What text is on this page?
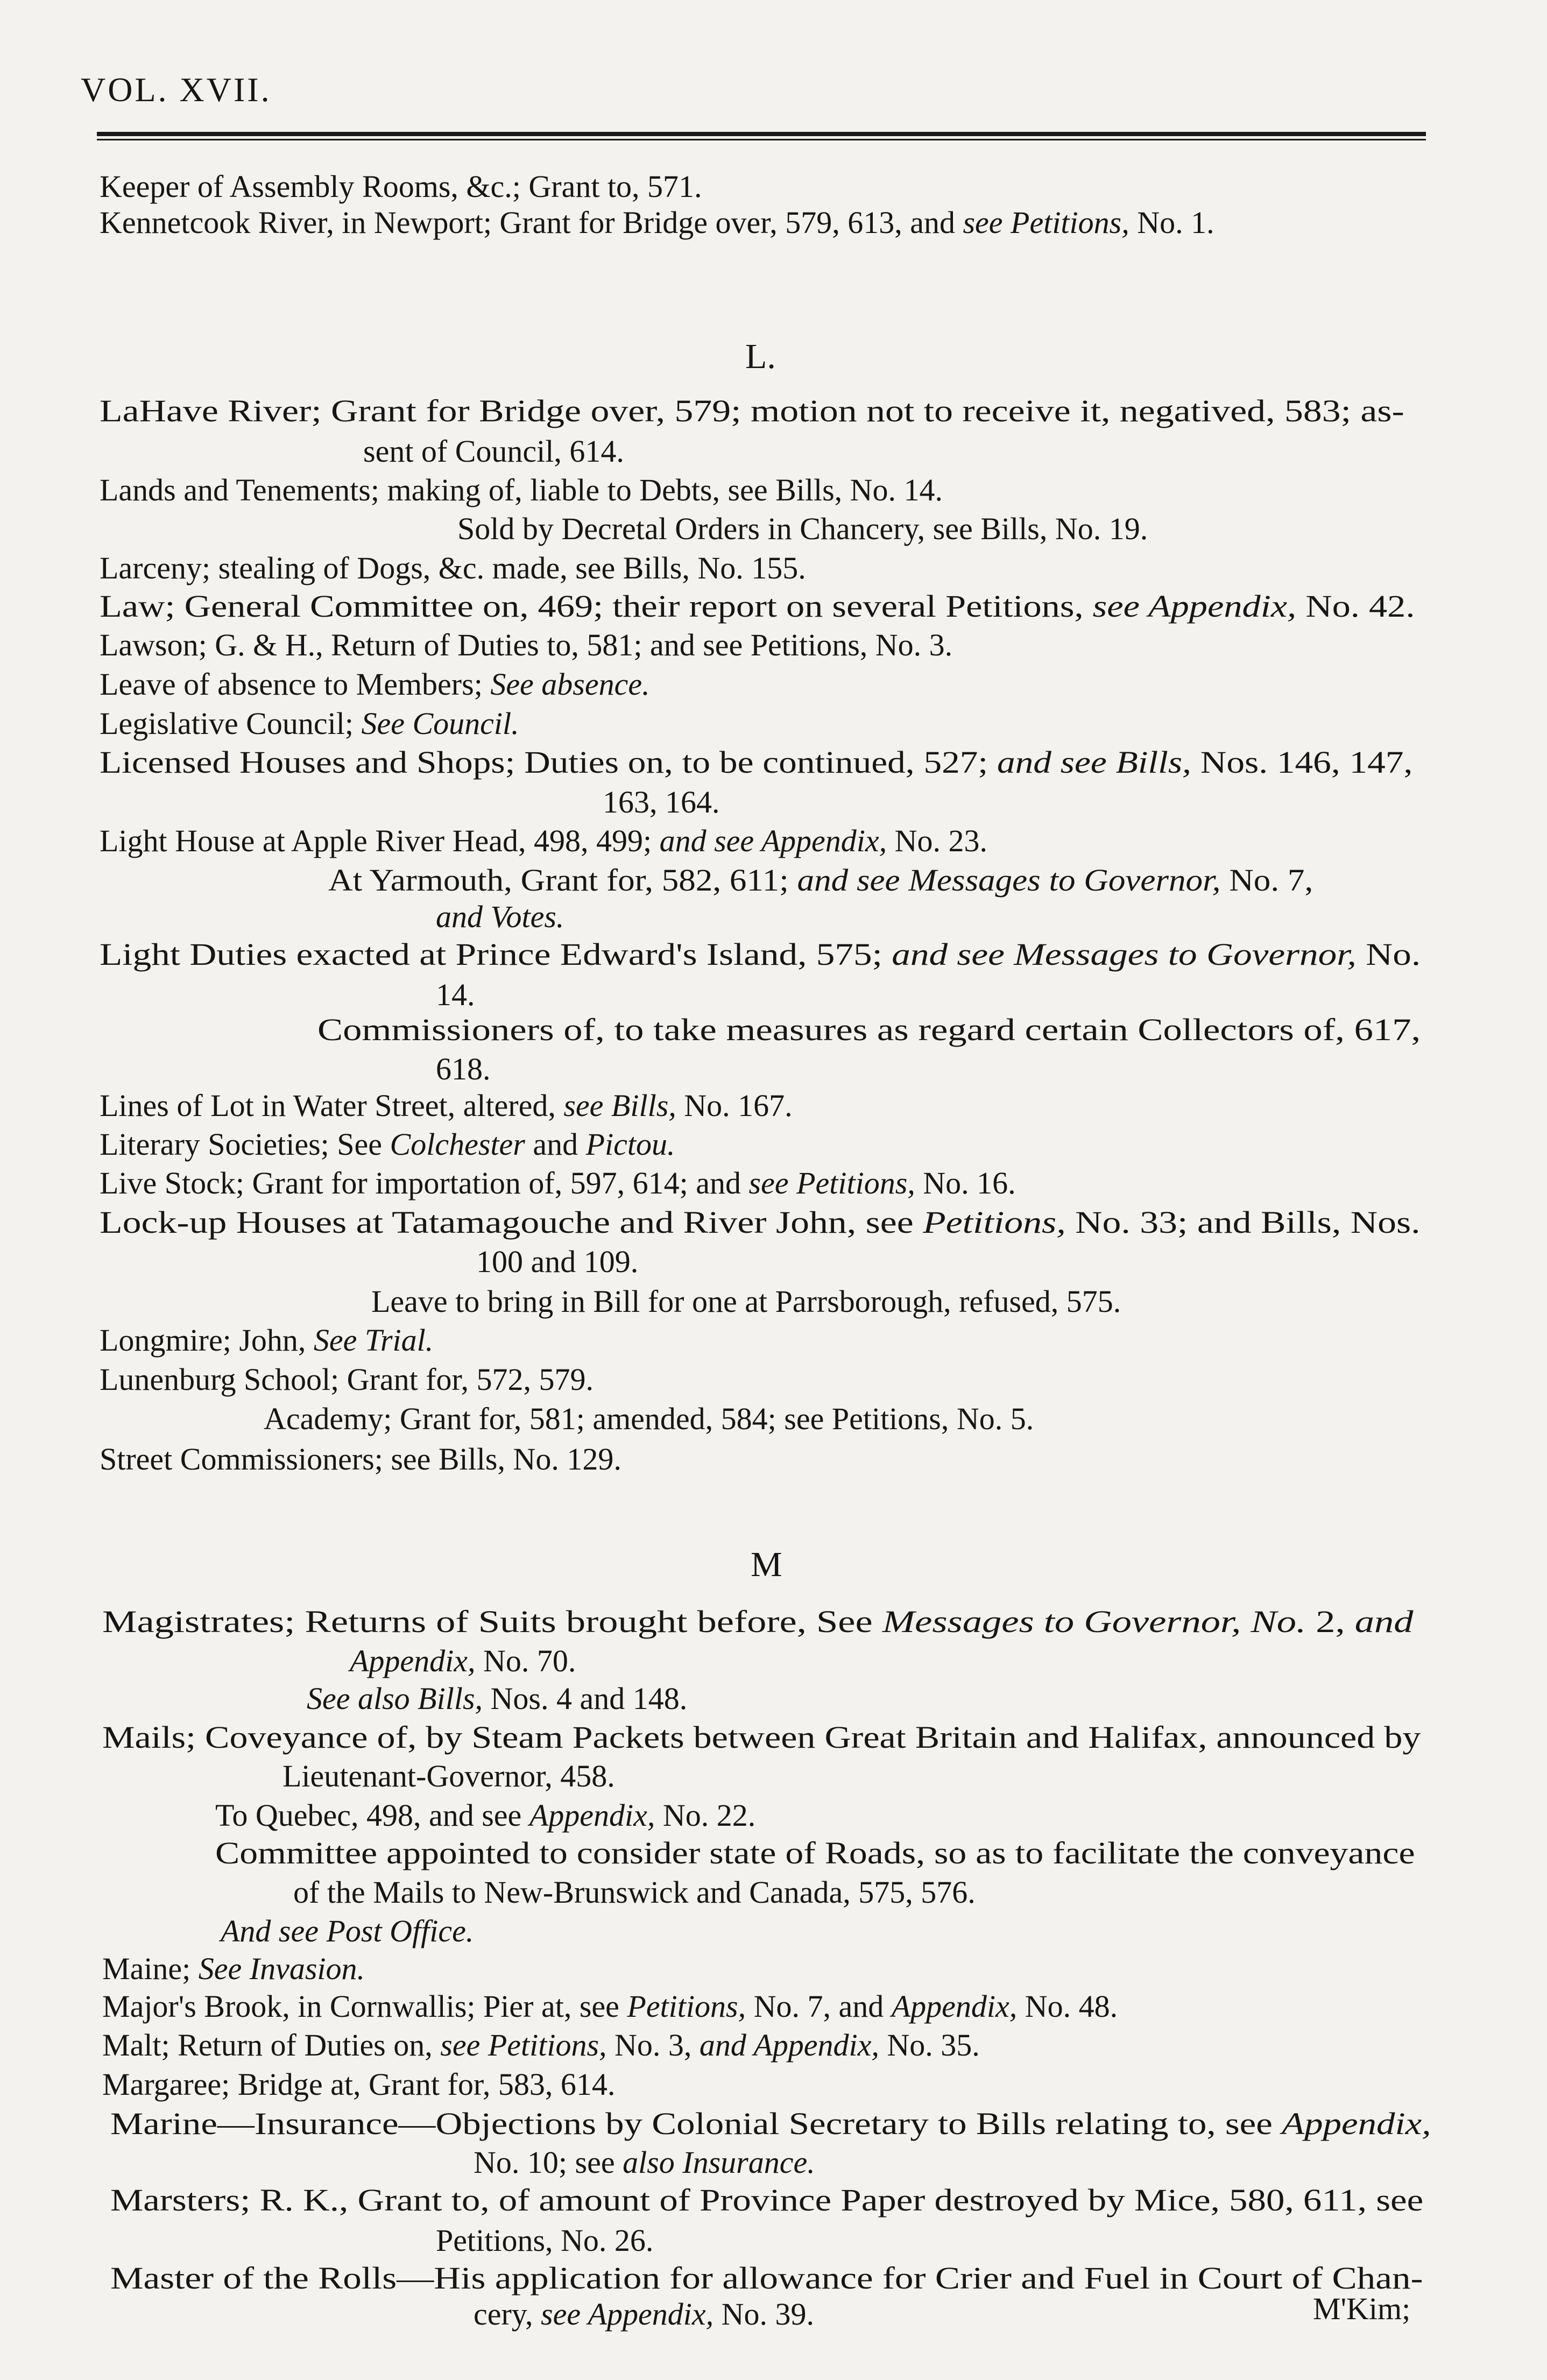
VOL. XVII.
Keeper of Assembly Rooms, &c.; Grant to, 571.
Kennetcook River, in Newport; Grant for Bridge over, 579, 613, and see Petitions, No. 1.
L.
LaHave River; Grant for Bridge over, 579; motion not to receive it, negatived, 583; as-
sent of Council, 614.
Lands and Tenements; making of, liable to Debts, see Bills, No. 14.
Sold by Decretal Orders in Chancery, see Bills, No. 19.
Larceny; stealing of Dogs, &c. made, see Bills, No. 155.
Law; General Committee on, 469; their report on several Petitions, see Appendix, No. 42.
Lawson; G. & H., Return of Duties to, 581; and see Petitions, No. 3.
Leave of absence to Members; See absence.
Legislative Council; See Council.
Licensed Houses and Shops; Duties on, to be continued, 527; and see Bills, Nos. 146, 147,
163, 164.
Light House at Apple River Head, 498, 499; and see Appendix, No. 23.
At Yarmouth, Grant for, 582, 611; and see Messages to Governor, No. 7,
and Votes.
Light Duties exacted at Prince Edward's Island, 575; and see Messages to Governor, No.
14.
Commissioners of, to take measures as regard certain Collectors of, 617,
618.
Lines of Lot in Water Street, altered, see Bills, No. 167.
Literary Societies; See Colchester and Pictou.
Live Stock; Grant for importation of, 597, 614; and see Petitions, No. 16.
Lock-up Houses at Tatamagouche and River John, see Petitions, No. 33; and Bills, Nos.
100 and 109.
Leave to bring in Bill for one at Parrsborough, refused, 575.
Longmire; John, See Trial.
Lunenburg School; Grant for, 572, 579.
Academy; Grant for, 581; amended, 584; see Petitions, No. 5.
Street Commissioners; see Bills, No. 129.
M
Magistrates; Returns of Suits brought before, See Messages to Governor, No. 2, and
Appendix, No. 70.
See also Bills, Nos. 4 and 148.
Mails; Coveyance of, by Steam Packets between Great Britain and Halifax, announced by
Lieutenant-Governor, 458.
To Quebec, 498, and see Appendix, No. 22.
Committee appointed to consider state of Roads, so as to facilitate the conveyance
of the Mails to New-Brunswick and Canada, 575, 576.
And see Post Office.
Maine; See Invasion.
Major's Brook, in Cornwallis; Pier at, see Petitions, No. 7, and Appendix, No. 48.
Malt; Return of Duties on, see Petitions, No. 3, and Appendix, No. 35.
Margaree; Bridge at, Grant for, 583, 614.
Marine—Insurance—Objections by Colonial Secretary to Bills relating to, see Appendix,
No. 10; see also Insurance.
Marsters; R. K., Grant to, of amount of Province Paper destroyed by Mice, 580, 611, see
Petitions, No. 26.
Master of the Rolls—His application for allowance for Crier and Fuel in Court of Chan-
cery, see Appendix, No. 39.	M'Kim;
